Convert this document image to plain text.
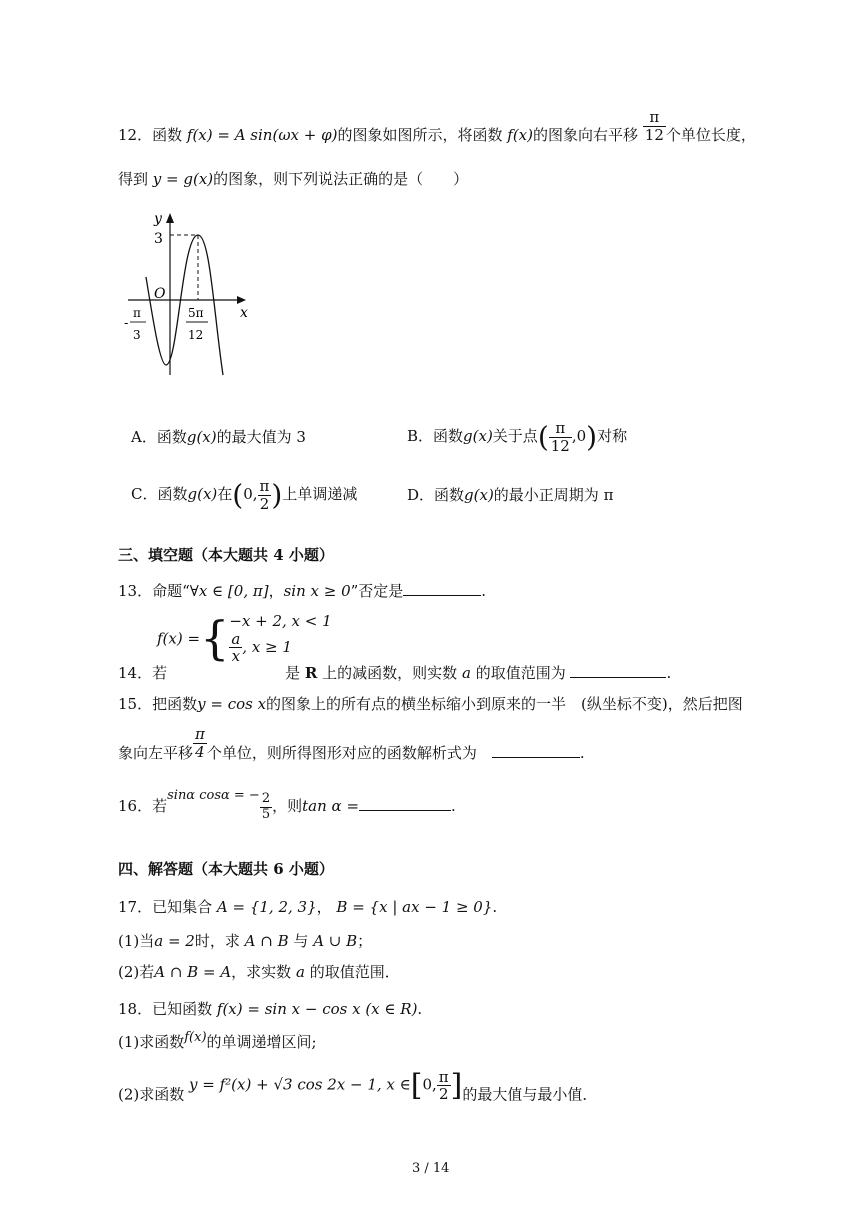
12．函数 f(x) = A sin(ωx + φ)的图象如图所示，将函数 f(x)的图象向右平移 $\frac{\pi}{12}$ 个单位长度，
得到 y = g(x)的图象，则下列说法正确的是（　　）
y
x
3
O
-
π
3
5π
12
A．函数g(x)的最大值为 3	B．函数g(x)关于点( $\frac{\pi}{12} ,0$)对称
C．函数g(x)在(0, $\frac{\pi}{2}$ )上单调递减	D．函数g(x)的最小正周期为 π
三、填空题（本大题共 4 小题）
13．命题“∀x ∈ [0, π]，sin x ≥ 0”否定是	.
f(x) ={ −x + 2, x < 1
$\frac{a}{x}$ , x ≥ 1
14．若	是 R 上的减函数，则实数 a 的取值范围为	.
15．把函数y = cos x的图象上的所有点的横坐标缩小到原来的一半　(纵坐标不变)，然后把图
象向左平移 $\frac{\pi}{4}$ 个单位，则所得图形对应的函数解析式为　	.
16．若sinα cosα = − $\frac{2}{5}$ ，则tan α =	.
四、解答题（本大题共 6 小题）
17．已知集合 A = {1, 2, 3}， B = {x | ax − 1 ≥ 0}.
(1)当a = 2时，求 A ∩ B 与 A ∪ B；
(2)若A ∩ B = A，求实数 a 的取值范围．
18．已知函数 f(x) = sin x − cos x (x ∈ R).
(1)求函数f(x)的单调递增区间;
(2)求函数 y = f²(x) + √3 cos 2x − 1, x ∈[0, $\frac{\pi}{2}$ ]的最大值与最小值．
3 / 14
